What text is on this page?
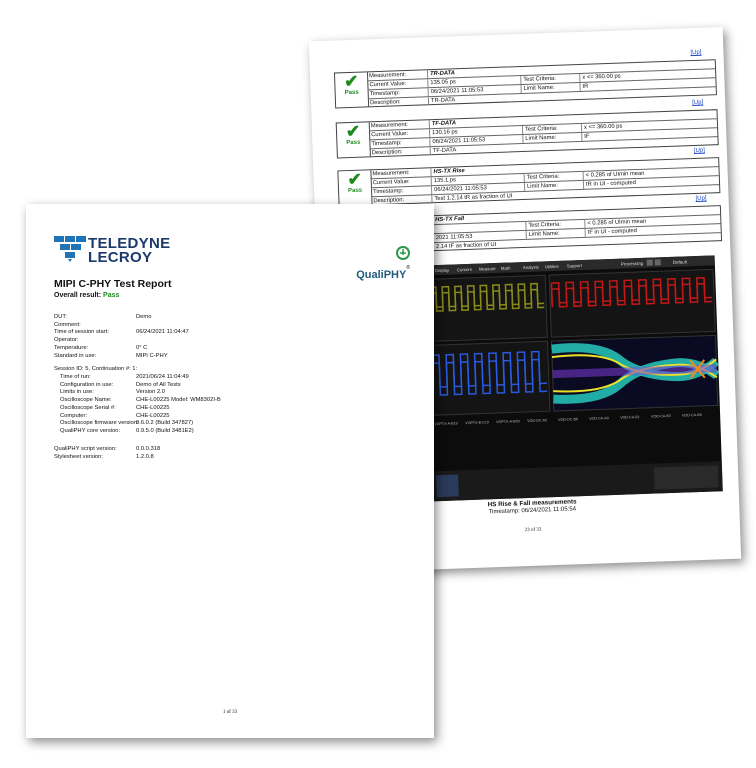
[Up]
✔
Pass
Measurement:	TR-DATA
Current Value:	135.05 ps	Test Criteria:	x <= 360.00 ps
Timestamp:	06/24/2021 11:05:53	Limit Name:	tR
Description:	TR-DATA	[Up]
✔
Pass
Measurement:	TF-DATA
Current Value:	130.16 ps	Test Criteria:	x <= 360.00 ps
Timestamp:	06/24/2021 11:05:53	Limit Name:	tF
Description:	TF-DATA	[Up]
✔
Pass
Measurement:	HS-TX Rise
Current Value:	135.1 ps	Test Criteria:	< 0.285 of UImin mean
Timestamp:	06/24/2021 11:05:53	Limit Name:	tR in UI - computed
Description:	Test 1.2.14 tR as fraction of UI	[Up]
HS-TX Fall
Test Criteria:	< 0.285 of UImin mean
2021 11:05:53	Limit Name:	tF in UI - computed
2.14 tF as fraction of UI
Display Cursors Measure Math	Analysis Utilities Support	Processing	Default
VOPTX-A-B19 VOPTX-B-C19 VOPTX-A-B29 VOD-DC-A5	VOD-DC-B6	VOD-CA-A9	VOD-CA-B1	VOD-CA-B3	VOD-CA-B0
HS Rise & Fall measurements
Timestamp: 06/24/2021 11:05:54
23 of 33
TELEDYNE
LECROY
QualiPHY®
MIPI C-PHY Test Report
Overall result: Pass
DUT:	Demo
Comment:
Time of session start:	06/24/2021 11:04:47
Operator:
Temperature:	0° C
Standard in use:	MIPI C-PHY
Session ID: 5, Continuation #: 1:
Time of run:	2021/06/24 11:04:49
Configuration in use:	Demo of All Tests
Limits in use:	Version 2.0
Oscilloscope Name:	CHE-L00225 Model: WM8302I-B
Oscilloscope Serial #:	CHE-L00225
Computer:	CHE-L00225
Oscilloscope firmware version:
9.6.0.2 (Build 347827)
QualiPHY core version:	0.9.5.0 (Build 3481E2)
QualiPHY script version:	0.0.0.318
Stylesheet version:	1.2.0.8
1 of 33
